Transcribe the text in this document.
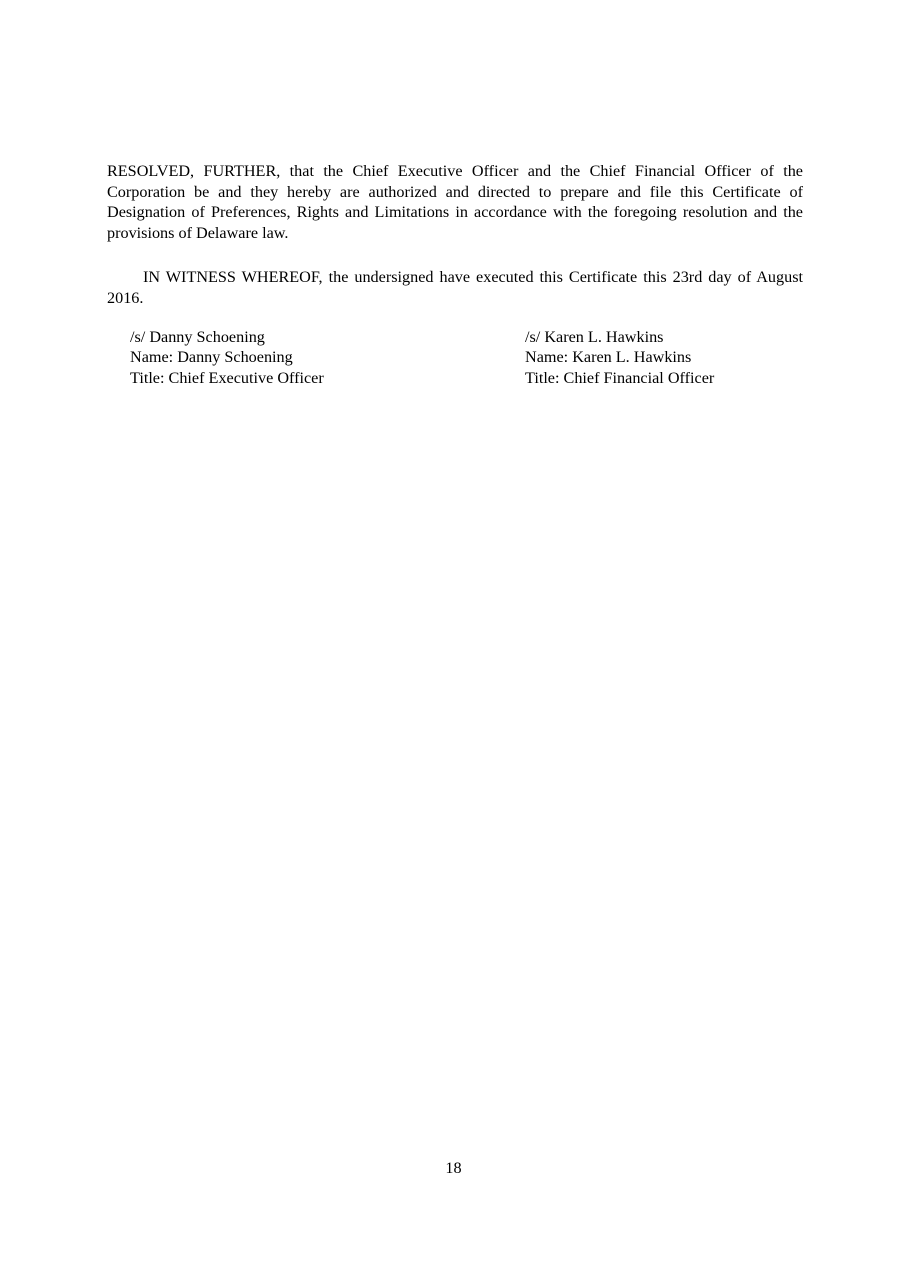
RESOLVED, FURTHER, that the Chief Executive Officer and the Chief Financial Officer of the Corporation be and they hereby are authorized and directed to prepare and file this Certificate of Designation of Preferences, Rights and Limitations in accordance with the foregoing resolution and the provisions of Delaware law.

IN WITNESS WHEREOF, the undersigned have executed this Certificate this 23rd day of August 2016.

/s/ Danny Schoening
Name: Danny Schoening
Title: Chief Executive Officer
/s/ Karen L. Hawkins
Name: Karen L. Hawkins
Title: Chief Financial Officer
18
